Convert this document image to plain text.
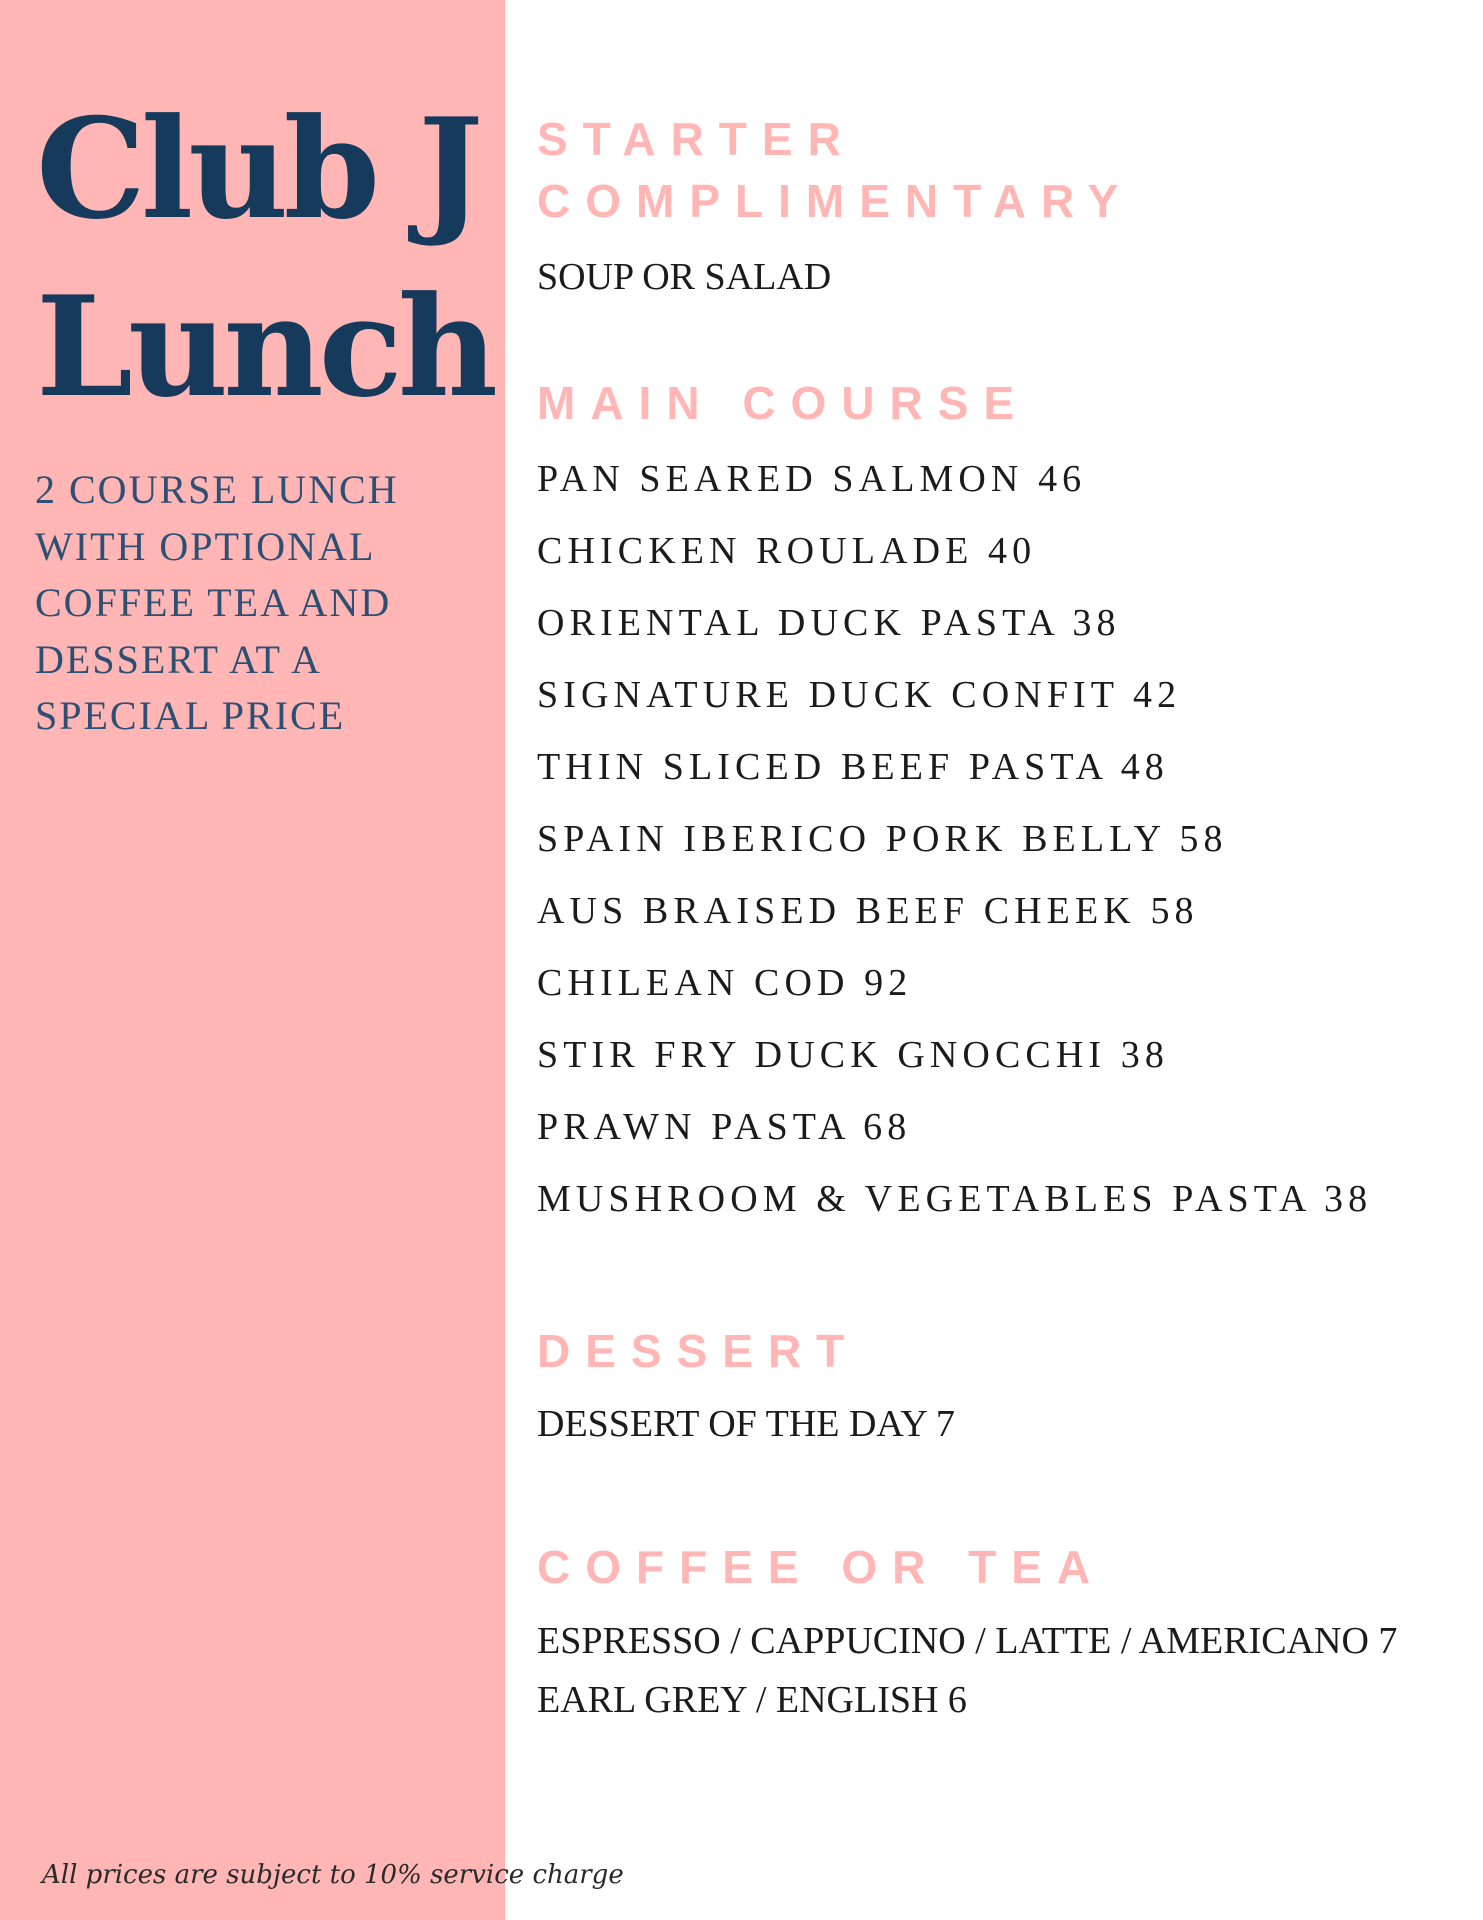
Club J
Lunch

2 COURSE LUNCH WITH OPTIONAL COFFEE TEA AND DESSERT AT A SPECIAL PRICE

All prices are subject to 10% service charge

STARTER
COMPLIMENTARY

SOUP OR SALAD

MAIN COURSE

PAN SEARED SALMON 46

CHICKEN ROULADE 40

ORIENTAL DUCK PASTA 38

SIGNATURE DUCK CONFIT 42

THIN SLICED BEEF PASTA 48

SPAIN IBERICO PORK BELLY 58

AUS BRAISED BEEF CHEEK 58

CHILEAN COD 92

STIR FRY DUCK GNOCCHI 38

PRAWN PASTA 68

MUSHROOM & VEGETABLES PASTA 38

DESSERT

DESSERT OF THE DAY 7

COFFEE OR TEA

ESPRESSO / CAPPUCINO / LATTE / AMERICANO 7

EARL GREY / ENGLISH 6
